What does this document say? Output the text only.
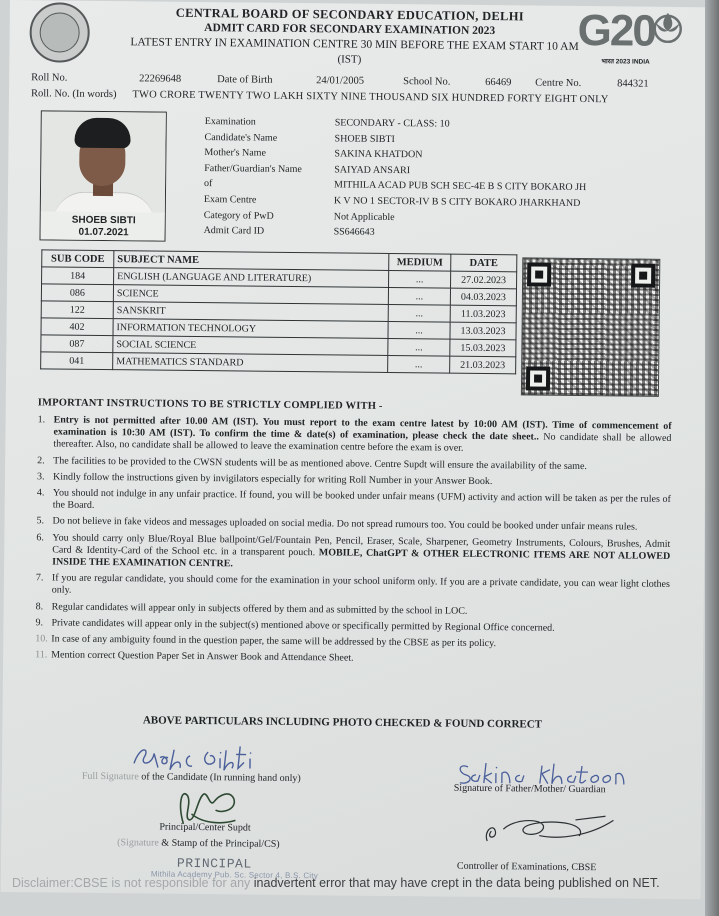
CENTRAL BOARD OF SECONDARY EDUCATION, DELHI
ADMIT CARD FOR SECONDARY EXAMINATION 2023
LATEST ENTRY IN EXAMINATION CENTRE 30 MIN BEFORE THE EXAM START 10 AM
(IST)
G20
भारत 2023 INDIA
Roll No.	22269648	Date of Birth	24/01/2005	School No.	66469 Centre No.	844321
Roll. No. (In words) TWO CRORE TWENTY TWO LAKH SIXTY NINE THOUSAND SIX HUNDRED FORTY EIGHT ONLY
SHOEB SIBTI
01.07.2021
Examination	SECONDARY - CLASS: 10
Candidate's Name	SHOEB SIBTI
Mother's Name	SAKINA KHATDON
Father/Guardian's Name	SAIYAD ANSARI
of	MITHILA ACAD PUB SCH SEC-4E B S CITY BOKARO JH
Exam Centre	K V NO 1 SECTOR-IV B S CITY BOKARO JHARKHAND
Category of PwD	Not Applicable
Admit Card ID	SS646643
SUB CODE	SUBJECT NAME	MEDIUM	DATE
184	ENGLISH (LANGUAGE AND LITERATURE)	...	27.02.2023
086	SCIENCE	...	04.03.2023
122	SANSKRIT	...	11.03.2023
402	INFORMATION TECHNOLOGY	...	13.03.2023
087	SOCIAL SCIENCE	...	15.03.2023
041	MATHEMATICS STANDARD	...	21.03.2023
IMPORTANT INSTRUCTIONS TO BE STRICTLY COMPLIED WITH -
1. Entry is not permitted after 10.00 AM (IST). You must report to the exam centre latest by 10:00 AM (IST). Time of commencement of examination is 10:30 AM (IST). To confirm the time & date(s) of examination, please check the date sheet.. No candidate shall be allowed thereafter. Also, no candidate shall be allowed to leave the examination centre before the exam is over.
2. The facilities to be provided to the CWSN students will be as mentioned above. Centre Supdt will ensure the availability of the same.
3. Kindly follow the instructions given by invigilators especially for writing Roll Number in your Answer Book.
4. You should not indulge in any unfair practice. If found, you will be booked under unfair means (UFM) activity and action will be taken as per the rules of the Board.
5. Do not believe in fake videos and messages uploaded on social media. Do not spread rumours too. You could be booked under unfair means rules.
6. You should carry only Blue/Royal Blue ballpoint/Gel/Fountain Pen, Pencil, Eraser, Scale, Sharpener, Geometry Instruments, Colours, Brushes, Admit Card & Identity-Card of the School etc. in a transparent pouch. MOBILE, ChatGPT & OTHER ELECTRONIC ITEMS ARE NOT ALLOWED INSIDE THE EXAMINATION CENTRE.
7. If you are regular candidate, you should come for the examination in your school uniform only. If you are a private candidate, you can wear light clothes only.
8. Regular candidates will appear only in subjects offered by them and as submitted by the school in LOC.
9. Private candidates will appear only in the subject(s) mentioned above or specifically permitted by Regional Office concerned.
10. In case of any ambiguity found in the question paper, the same will be addressed by the CBSE as per its policy.
11. Mention correct Question Paper Set in Answer Book and Attendance Sheet.
ABOVE PARTICULARS INCLUDING PHOTO CHECKED & FOUND CORRECT
Full Signature of the Candidate (In running hand only)
Signature of Father/Mother/ Guardian
Principal/Center Supdt
(Signature & Stamp of the Principal/CS)
PRINCIPAL	Controller of Examinations, CBSE
Mithila Academy Pub. Sc. Sector 4, B.S. City
Disclaimer:CBSE is not responsible for any inadvertent error that may have crept in the data being published on NET.
